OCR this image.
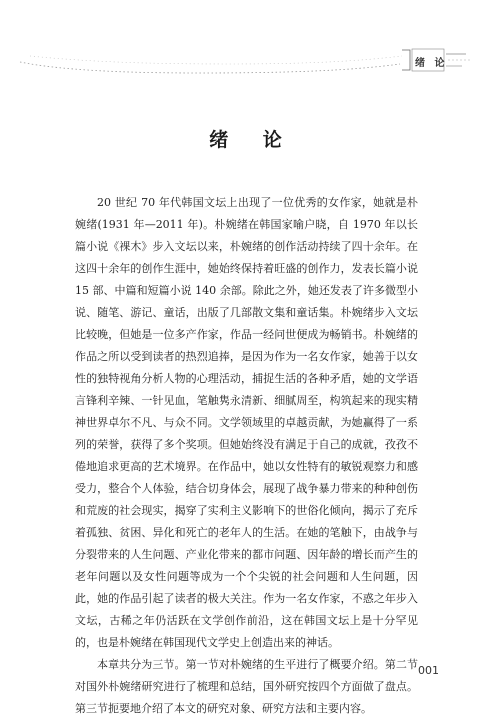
绪 论
绪 论

20 世纪 70 年代韩国文坛上出现了一位优秀的女作家，她就是朴婉绪(1931 年—2011 年)。朴婉绪在韩国家喻户晓，自 1970 年以长篇小说《裸木》步入文坛以来，朴婉绪的创作活动持续了四十余年。在这四十余年的创作生涯中，她始终保持着旺盛的创作力，发表长篇小说 15 部、中篇和短篇小说 140 余部。除此之外，她还发表了许多微型小说、随笔、游记、童话，出版了几部散文集和童话集。朴婉绪步入文坛比较晚，但她是一位多产作家，作品一经问世便成为畅销书。朴婉绪的作品之所以受到读者的热烈追捧，是因为作为一名女作家，她善于以女性的独特视角分析人物的心理活动，捕捉生活的各种矛盾，她的文学语言锋利辛辣、一针见血，笔触隽永清新、细腻周至，构筑起来的现实精神世界卓尔不凡、与众不同。文学领域里的卓越贡献，为她赢得了一系列的荣誉，获得了多个奖项。但她始终没有满足于自己的成就，孜孜不倦地追求更高的艺术境界。在作品中，她以女性特有的敏锐观察力和感受力，整合个人体验，结合切身体会，展现了战争暴力带来的种种创伤和荒废的社会现实，揭穿了实利主义影响下的世俗化倾向，揭示了充斥着孤独、贫困、异化和死亡的老年人的生活。在她的笔触下，由战争与分裂带来的人生问题、产业化带来的都市问题、因年龄的增长而产生的老年问题以及女性问题等成为一个个尖锐的社会问题和人生问题，因此，她的作品引起了读者的极大关注。作为一名女作家，不惑之年步入文坛，古稀之年仍活跃在文学创作前沿，这在韩国文坛上是十分罕见的，也是朴婉绪在韩国现代文学史上创造出来的神话。

本章共分为三节。第一节对朴婉绪的生平进行了概要介绍。第二节对国外朴婉绪研究进行了梳理和总结，国外研究按四个方面做了盘点。第三节扼要地介绍了本文的研究对象、研究方法和主要内容。

001
